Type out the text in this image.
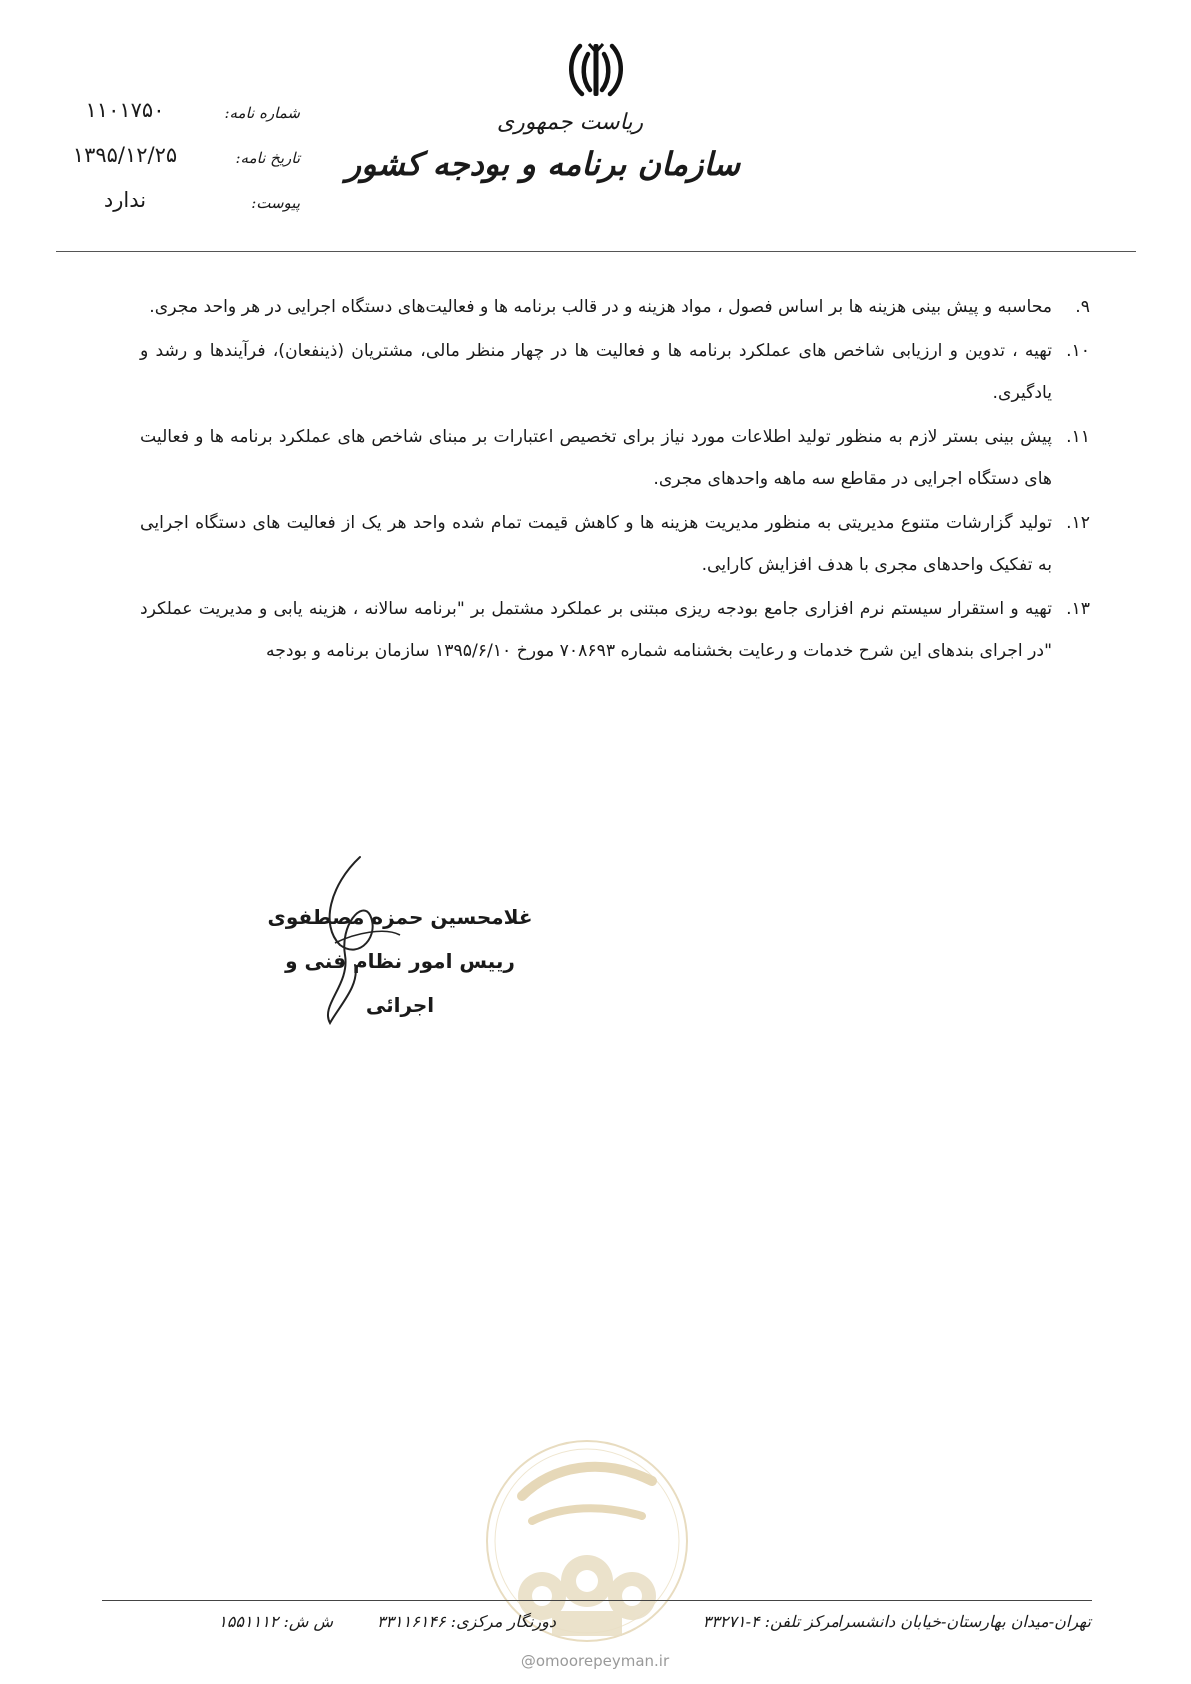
ریاست جمهوری
سازمان برنامه و بودجه کشور
شماره نامه:
۱۱۰۱۷۵۰
تاریخ نامه:
۱۳۹۵/۱۲/۲۵
پیوست:
ندارد
۹.
محاسبه و پیش بینی هزینه ها بر اساس فصول ، مواد هزینه و در قالب برنامه ها و فعالیت‌های دستگاه اجرایی در هر واحد مجری.
۱۰.
تهیه ، تدوین و ارزیابی شاخص های عملکرد برنامه ها و فعالیت ها در چهار منظر مالی، مشتریان (ذینفعان)، فرآیندها و رشد و یادگیری.
۱۱.
پیش بینی بستر لازم به منظور تولید اطلاعات مورد نیاز برای تخصیص اعتبارات بر مبنای شاخص های عملکرد برنامه ها و فعالیت های دستگاه اجرایی در مقاطع سه ماهه واحدهای مجری.
۱۲.
تولید گزارشات متنوع مدیریتی به منظور مدیریت هزینه ها و کاهش قیمت تمام شده واحد هر یک از فعالیت های دستگاه اجرایی به تفکیک واحدهای مجری با هدف افزایش کارایی.
۱۳.
تهیه و استقرار سیستم نرم افزاری جامع بودجه ریزی مبتنی بر عملکرد مشتمل بر "برنامه سالانه ، هزینه یابی و مدیریت عملکرد "در اجرای بندهای این شرح خدمات و رعایت بخشنامه شماره ۷۰۸۶۹۳ مورخ ۱۳۹۵/۶/۱۰ سازمان برنامه و بودجه
غلامحسین حمزه مصطفوی
رییس امور نظام فنی و اجرائی
@omoorepeyman.ir
تهران-میدان بهارستان-خیابان دانشسرا
مرکز تلفن: ۴-۳۳۲۷۱
دورنگار مرکزی: ۳۳۱۱۶۱۴۶
ش ش: ۱۵۵۱۱۱۲
